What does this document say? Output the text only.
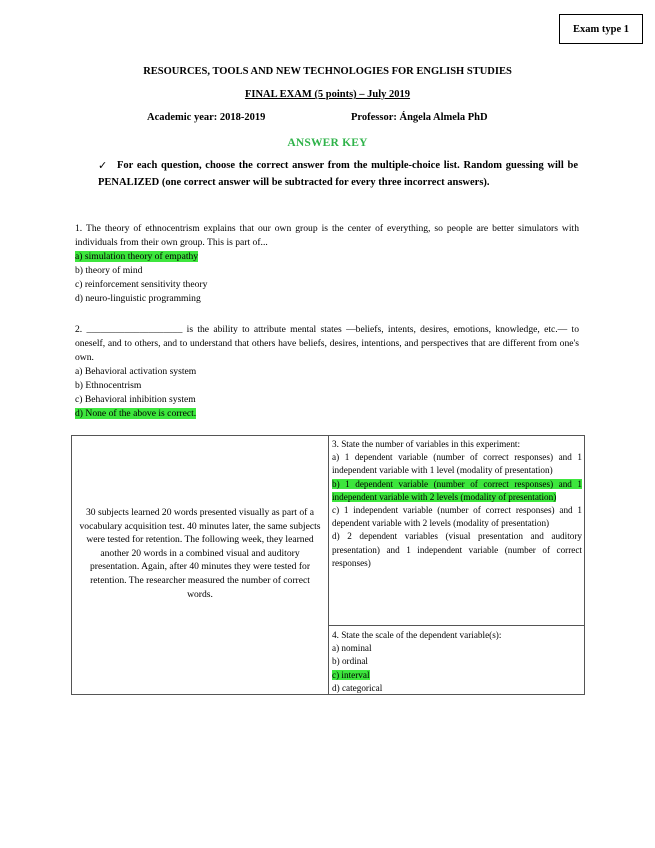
Exam type 1
RESOURCES, TOOLS AND NEW TECHNOLOGIES FOR ENGLISH STUDIES
FINAL EXAM (5 points) – July 2019
Academic year: 2018-2019	Professor: Ángela Almela PhD
ANSWER KEY
✓ For each question, choose the correct answer from the multiple-choice list. Random guessing will be PENALIZED (one correct answer will be subtracted for every three incorrect answers).
1. The theory of ethnocentrism explains that our own group is the center of everything, so people are better simulators with individuals from their own group. This is part of...
a) simulation theory of empathy
b) theory of mind
c) reinforcement sensitivity theory
d) neuro-linguistic programming
2. ____________________ is the ability to attribute mental states —beliefs, intents, desires, emotions, knowledge, etc.— to oneself, and to others, and to understand that others have beliefs, desires, intentions, and perspectives that are different from one's own.
a) Behavioral activation system
b) Ethnocentrism
c) Behavioral inhibition system
d) None of the above is correct.
30 subjects learned 20 words presented visually as part of a vocabulary acquisition test. 40 minutes later, the same subjects were tested for retention. The following week, they learned another 20 words in a combined visual and auditory presentation. Again, after 40 minutes they were tested for retention. The researcher measured the number of correct words.
3. State the number of variables in this experiment:
a) 1 dependent variable (number of correct responses) and 1 independent variable with 1 level (modality of presentation)
b) 1 dependent variable (number of correct responses) and 1 independent variable with 2 levels (modality of presentation)
c) 1 independent variable (number of correct responses) and 1 dependent variable with 2 levels (modality of presentation)
d) 2 dependent variables (visual presentation and auditory presentation) and 1 independent variable (number of correct responses)
4. State the scale of the dependent variable(s):
a) nominal
b) ordinal
c) interval
d) categorical
